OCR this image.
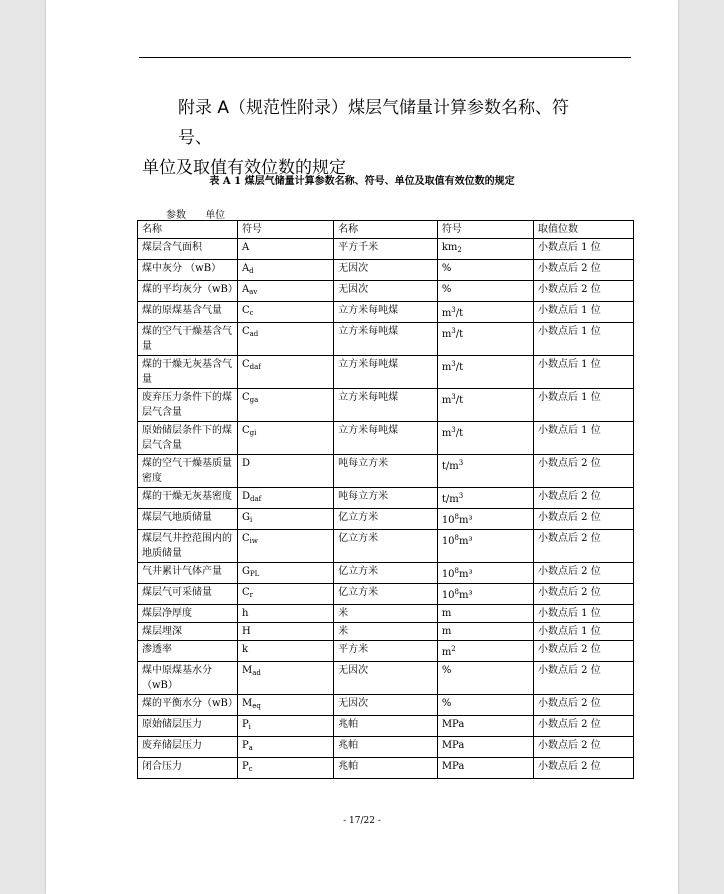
附录 A（规范性附录）煤层气储量计算参数名称、符号、
单位及取值有效位数的规定
表 A 1 煤层气储量计算参数名称、符号、单位及取值有效位数的规定
参数 单位
名称	符号	名称	符号	取值位数
煤层含气面积	A	平方千米	$km_2$	小数点后 1 位
煤中灰分 （wB）	$A_d$	无因次	%	小数点后 2 位
煤的平均灰分（wB）	$A_{av}$	无因次	%	小数点后 2 位
煤的原煤基含气量	$C_c$	立方米每吨煤	$m^3/t$	小数点后 1 位
煤的空气干燥基含气量	$C_{ad}$	立方米每吨煤	$m^3/t$	小数点后 1 位
煤的干燥无灰基含气量	$C_{daf}$	立方米每吨煤	$m^3/t$	小数点后 1 位
废弃压力条件下的煤层气含量	$C_{ga}$	立方米每吨煤	$m^3/t$	小数点后 1 位
原始储层条件下的煤层气含量	$C_{gi}$	立方米每吨煤	$m^3/t$	小数点后 1 位
煤的空气干燥基质量密度	D	吨每立方米	$t/m^3$	小数点后 2 位
煤的干燥无灰基密度	$D_{daf}$	吨每立方米	$t/m^3$	小数点后 2 位
煤层气地质储量	$G_i$	亿立方米	$10^8m^3$	小数点后 2 位
煤层气井控范围内的地质储量	$C_{iw}$	亿立方米	$10^8m^3$	小数点后 2 位
气井累计气体产量	$G_{PL}$	亿立方米	$10^8m^3$	小数点后 2 位
煤层气可采储量	$C_r$	亿立方米	$10^8m^3$	小数点后 2 位
煤层净厚度	h	米	m	小数点后 1 位
煤层埋深	H	米	m	小数点后 1 位
渗透率	k	平方米	$m^2$	小数点后 2 位
煤中原煤基水分（wB）	$M_{ad}$	无因次	%	小数点后 2 位
煤的平衡水分（wB）	$M_{eq}$	无因次	%	小数点后 2 位
原始储层压力	$P_i$	兆帕	MPa	小数点后 2 位
废弃储层压力	$P_a$	兆帕	MPa	小数点后 2 位
闭合压力	$P_c$	兆帕	MPa	小数点后 2 位
- 17/22 -
